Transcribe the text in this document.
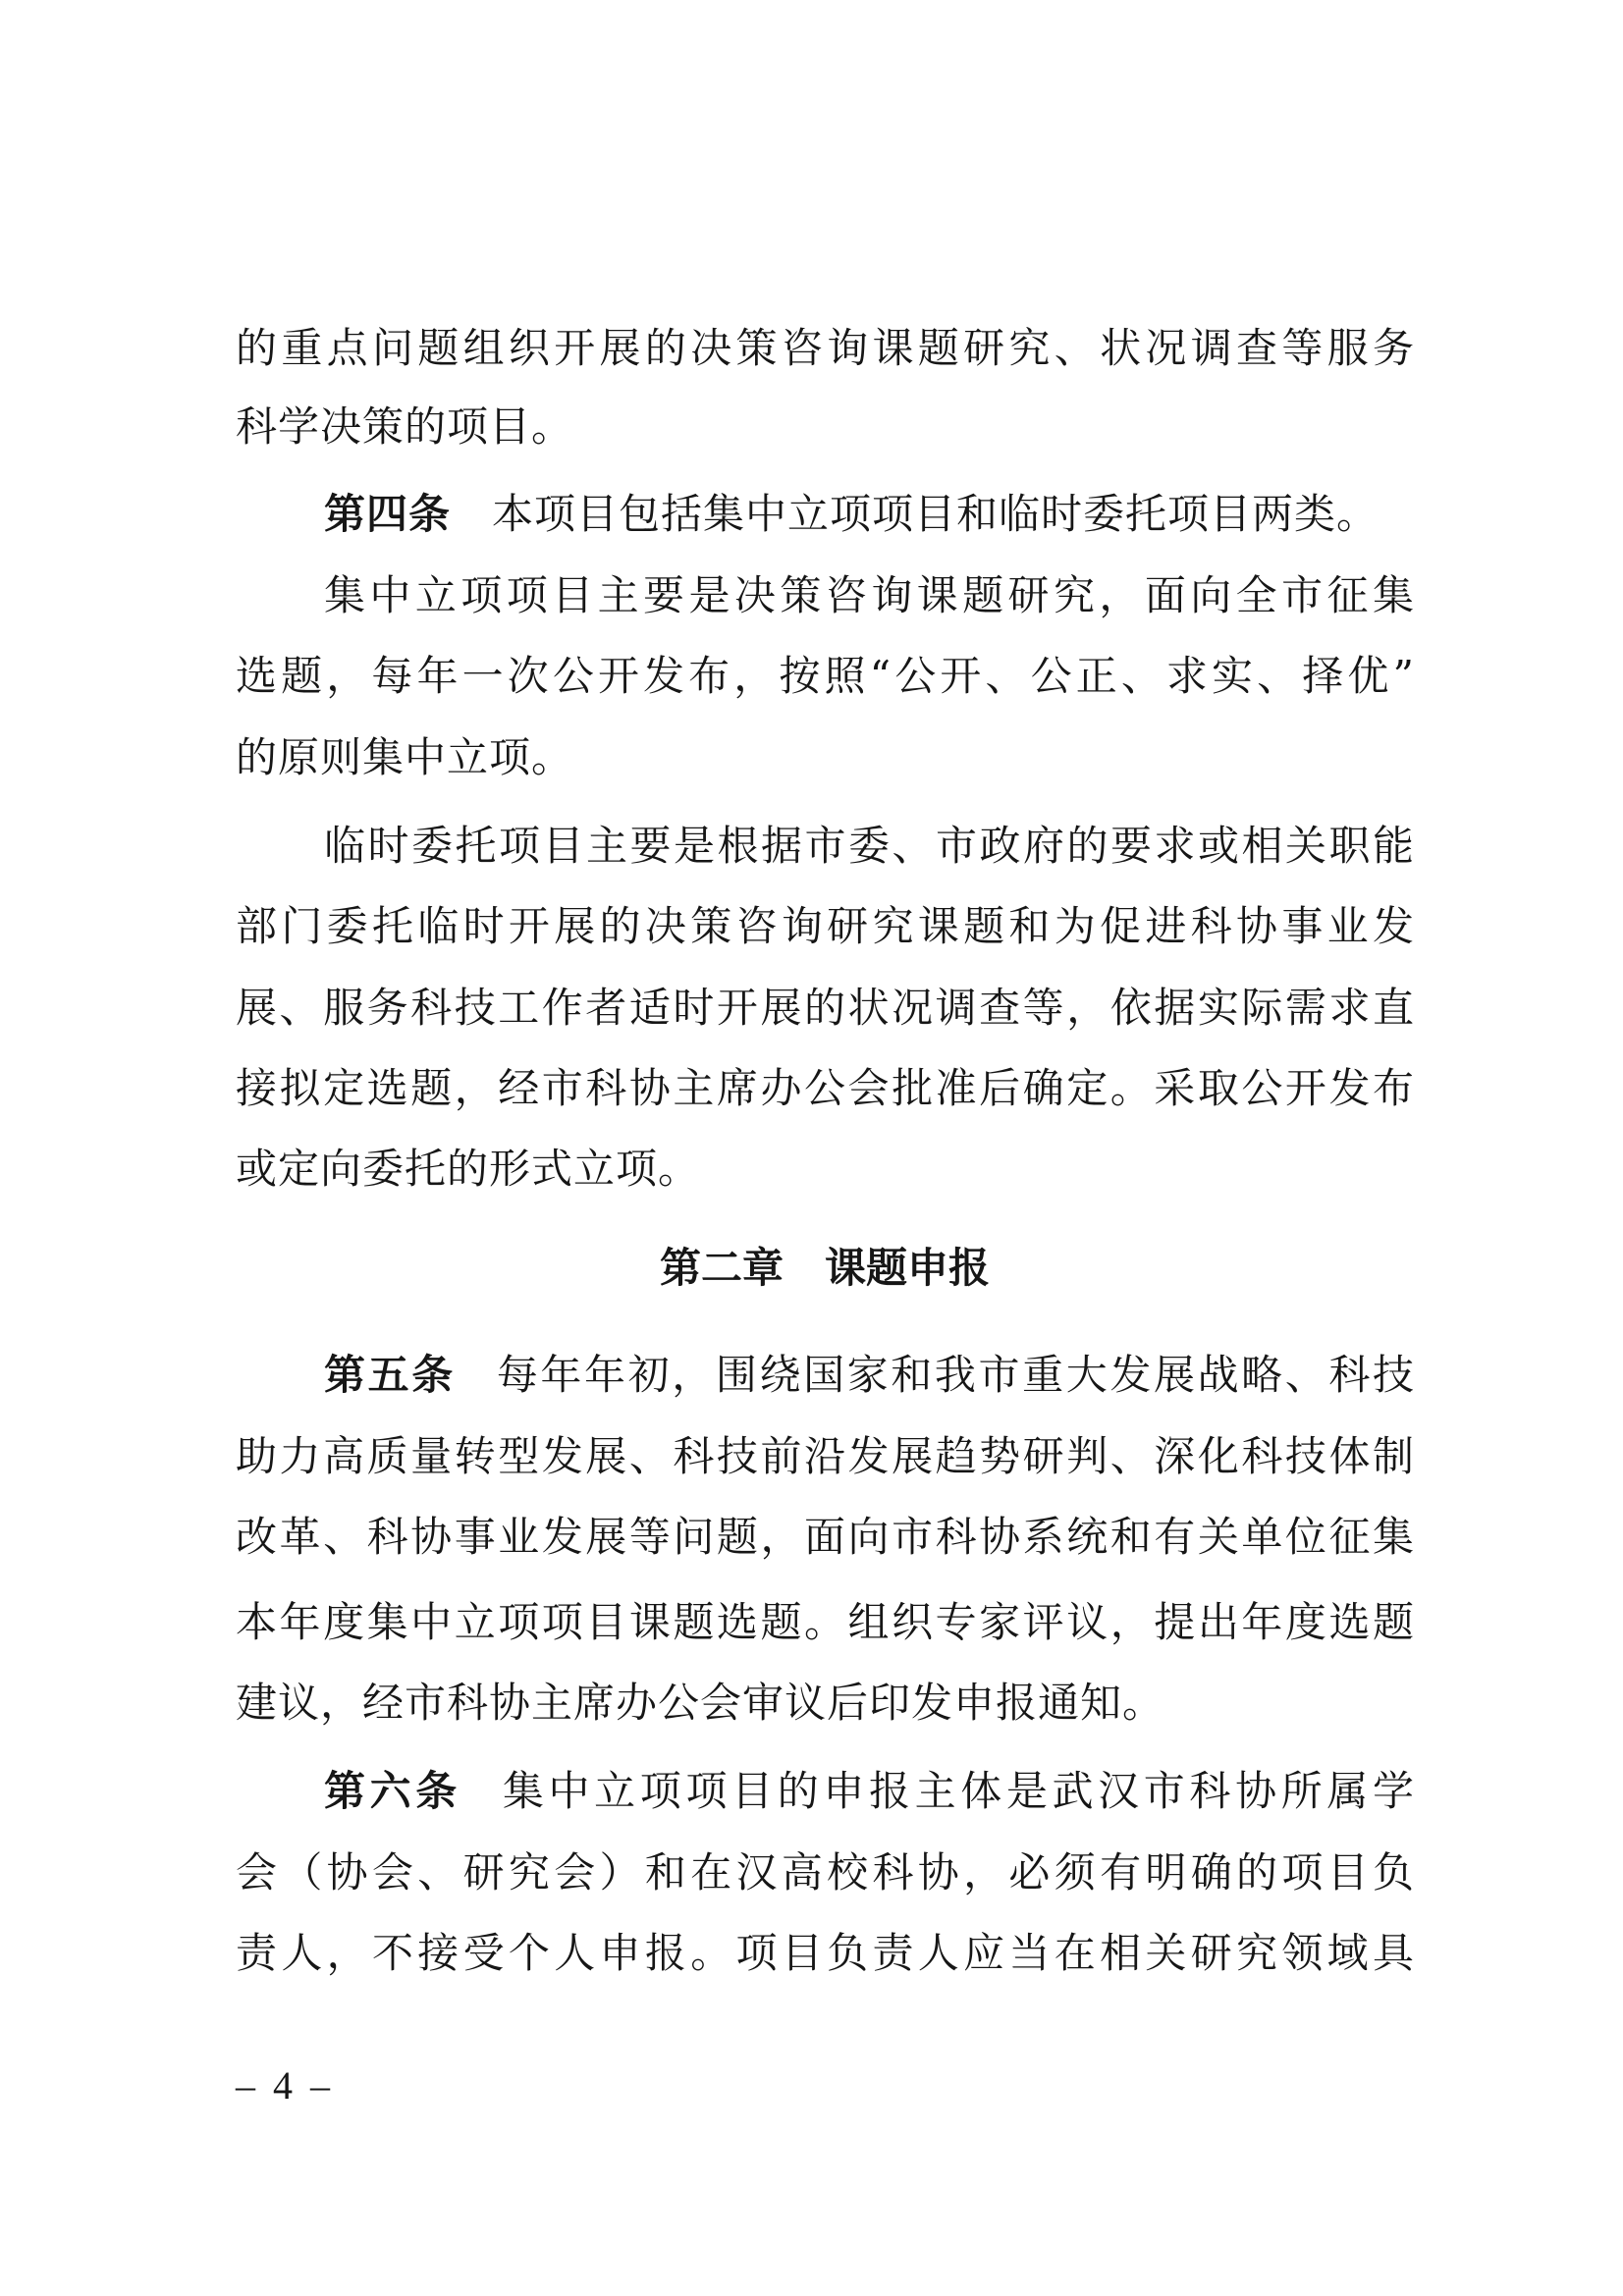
的重点问题组织开展的决策咨询课题研究、状况调查等服务
科学决策的项目。
第四条 本项目包括集中立项项目和临时委托项目两类。
集中立项项目主要是决策咨询课题研究，面向全市征集
选题，每年一次公开发布，按照“公开、公正、求实、择优”
的原则集中立项。
临时委托项目主要是根据市委、市政府的要求或相关职能
部门委托临时开展的决策咨询研究课题和为促进科协事业发
展、服务科技工作者适时开展的状况调查等，依据实际需求直
接拟定选题，经市科协主席办公会批准后确定。采取公开发布
或定向委托的形式立项。
第二章 课题申报
第五条 每年年初，围绕国家和我市重大发展战略、科技
助力高质量转型发展、科技前沿发展趋势研判、深化科技体制
改革、科协事业发展等问题，面向市科协系统和有关单位征集
本年度集中立项项目课题选题。组织专家评议，提出年度选题
建议，经市科协主席办公会审议后印发申报通知。
第六条 集中立项项目的申报主体是武汉市科协所属学
会（协会、研究会）和在汉高校科协，必须有明确的项目负
责人，不接受个人申报。项目负责人应当在相关研究领域具
– 4 –
